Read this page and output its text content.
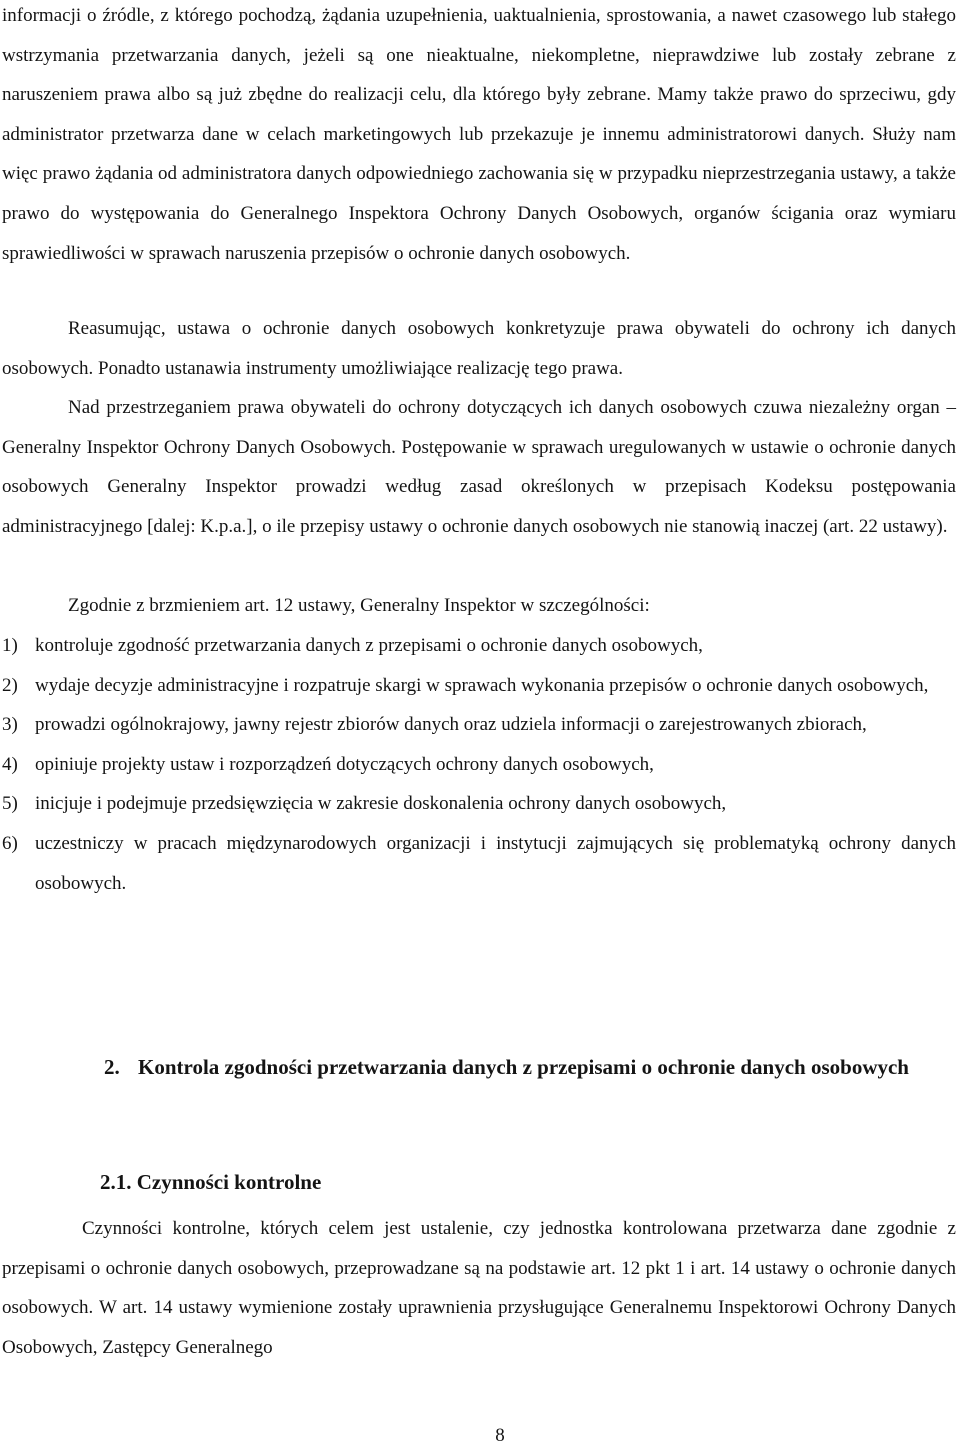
informacji o źródle, z którego pochodzą, żądania uzupełnienia, uaktualnienia, sprostowania, a nawet czasowego lub stałego wstrzymania przetwarzania danych, jeżeli są one nieaktualne, niekompletne, nieprawdziwe lub zostały zebrane z naruszeniem prawa albo są już zbędne do realizacji celu, dla którego były zebrane. Mamy także prawo do sprzeciwu, gdy administrator przetwarza dane w celach marketingowych lub przekazuje je innemu administratorowi danych. Służy nam więc prawo żądania od administratora danych odpowiedniego zachowania się w przypadku nieprzestrzegania ustawy, a także prawo do występowania do Generalnego Inspektora Ochrony Danych Osobowych, organów ścigania oraz wymiaru sprawiedliwości w sprawach naruszenia przepisów o ochronie danych osobowych.

Reasumując, ustawa o ochronie danych osobowych konkretyzuje prawa obywateli do ochrony ich danych osobowych. Ponadto ustanawia instrumenty umożliwiające realizację tego prawa.

Nad przestrzeganiem prawa obywateli do ochrony dotyczących ich danych osobowych czuwa niezależny organ – Generalny Inspektor Ochrony Danych Osobowych. Postępowanie w sprawach uregulowanych w ustawie o ochronie danych osobowych Generalny Inspektor prowadzi według zasad określonych w przepisach Kodeksu postępowania administracyjnego [dalej: K.p.a.], o ile przepisy ustawy o ochronie danych osobowych nie stanowią inaczej (art. 22 ustawy).

Zgodnie z brzmieniem art. 12 ustawy, Generalny Inspektor w szczególności:

1) kontroluje zgodność przetwarzania danych z przepisami o ochronie danych osobowych,
2) wydaje decyzje administracyjne i rozpatruje skargi w sprawach wykonania przepisów o ochronie danych osobowych,
3) prowadzi ogólnokrajowy, jawny rejestr zbiorów danych oraz udziela informacji o zarejestrowanych zbiorach,
4) opiniuje projekty ustaw i rozporządzeń dotyczących ochrony danych osobowych,
5) inicjuje i podejmuje przedsięwzięcia w zakresie doskonalenia ochrony danych osobowych,
6) uczestniczy w pracach międzynarodowych organizacji i instytucji zajmujących się problematyką ochrony danych osobowych.
2. Kontrola zgodności przetwarzania danych z przepisami o ochronie danych osobowych
2.1. Czynności kontrolne

Czynności kontrolne, których celem jest ustalenie, czy jednostka kontrolowana przetwarza dane zgodnie z przepisami o ochronie danych osobowych, przeprowadzane są na podstawie art. 12 pkt 1 i art. 14 ustawy o ochronie danych osobowych. W art. 14 ustawy wymienione zostały uprawnienia przysługujące Generalnemu Inspektorowi Ochrony Danych Osobowych, Zastępcy Generalnego

8
